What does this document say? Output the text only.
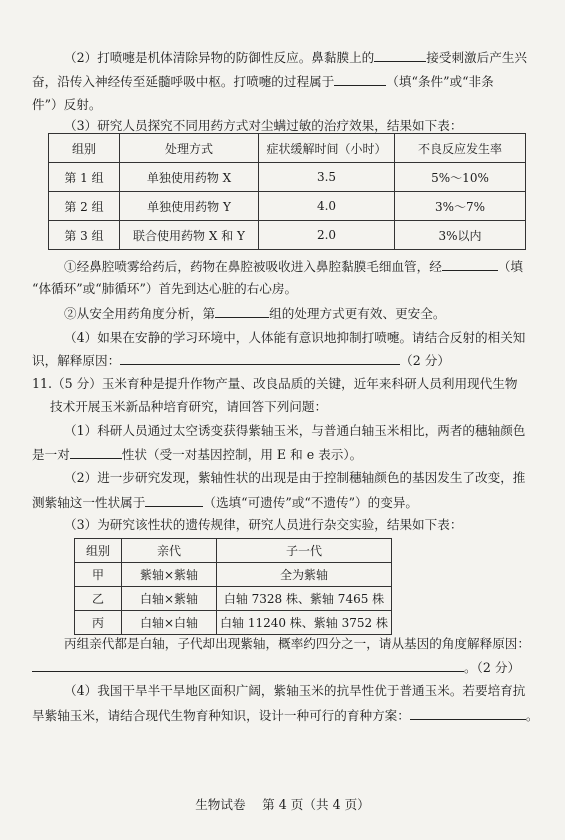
（2）打喷嚏是机体清除异物的防御性反应。鼻黏膜上的	接受刺激后产生兴
奋，沿传入神经传至延髓呼吸中枢。打喷嚏的过程属于	（填“条件”或“非条
件”）反射。
（3）研究人员探究不同用药方式对尘螨过敏的治疗效果，结果如下表：
组别	处理方式	症状缓解时间（小时）	不良反应发生率
第 1 组	单独使用药物 X	3.5	5%～10%
第 2 组	单独使用药物 Y	4.0	3%～7%
第 3 组	联合使用药物 X 和 Y	2.0	3%以内
①经鼻腔喷雾给药后，药物在鼻腔被吸收进入鼻腔黏膜毛细血管，经	（填
“体循环”或“肺循环”）首先到达心脏的右心房。
②从安全用药角度分析，第	组的处理方式更有效、更安全。
（4）如果在安静的学习环境中，人体能有意识地抑制打喷嚏。请结合反射的相关知
识，解释原因：	（2 分）
11.（5 分）玉米育种是提升作物产量、改良品质的关键，近年来科研人员利用现代生物
技术开展玉米新品种培育研究，请回答下列问题：
（1）科研人员通过太空诱变获得紫轴玉米，与普通白轴玉米相比，两者的穗轴颜色
是一对	性状（受一对基因控制，用 E 和 e 表示）。
（2）进一步研究发现，紫轴性状的出现是由于控制穗轴颜色的基因发生了改变，推
测紫轴这一性状属于	（选填“可遗传”或“不遗传”）的变异。
（3）为研究该性状的遗传规律，研究人员进行杂交实验，结果如下表：
组别	亲代	子一代
甲	紫轴×紫轴	全为紫轴
乙	白轴×紫轴	白轴 7328 株、紫轴 7465 株
丙	白轴×白轴	白轴 11240 株、紫轴 3752 株
丙组亲代都是白轴，子代却出现紫轴，概率约四分之一，请从基因的角度解释原因：
。（2 分）
（4）我国干旱半干旱地区面积广阔，紫轴玉米的抗旱性优于普通玉米。若要培育抗
旱紫轴玉米，请结合现代生物育种知识，设计一种可行的育种方案：	。
生物试卷　 第 4 页（共 4 页）
